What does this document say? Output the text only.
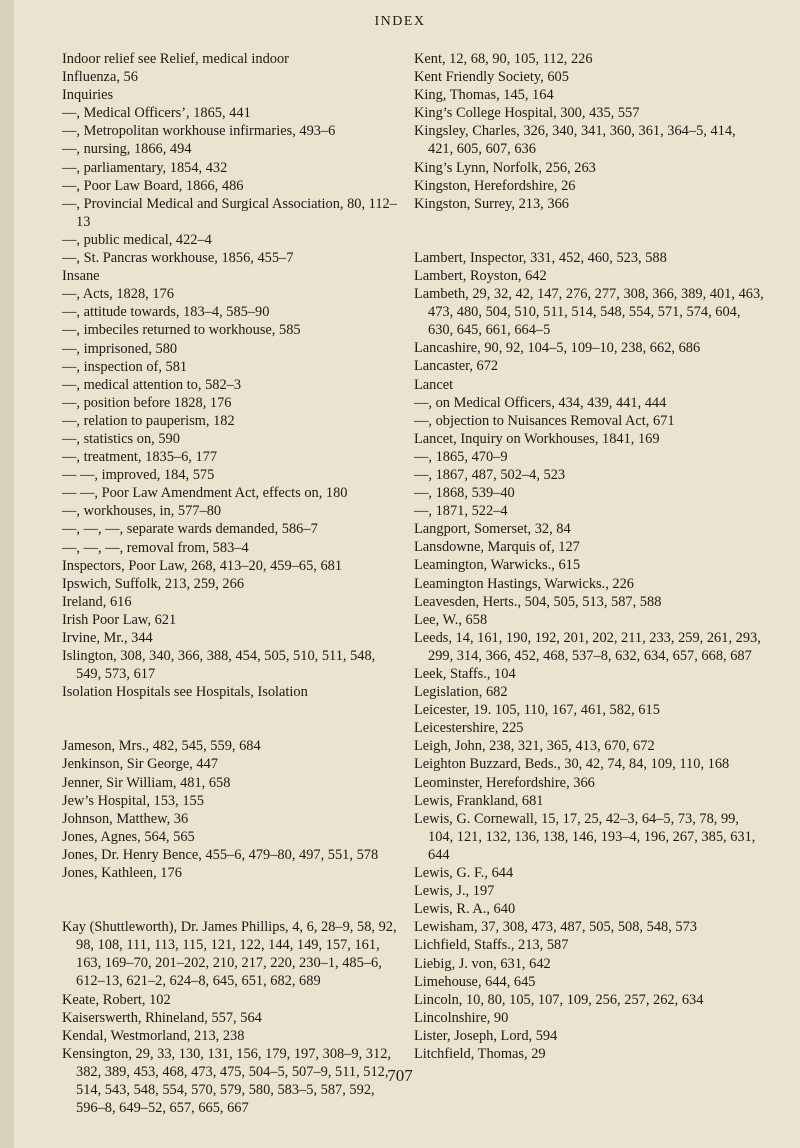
INDEX
Indoor relief see Relief, medical indoor
Influenza, 56
Inquiries
—, Medical Officers’, 1865, 441
—, Metropolitan workhouse infirmaries, 493–6
—, nursing, 1866, 494
—, parliamentary, 1854, 432
—, Poor Law Board, 1866, 486
—, Provincial Medical and Surgical Association, 80, 112–13
—, public medical, 422–4
—, St. Pancras workhouse, 1856, 455–7
Insane
—, Acts, 1828, 176
—, attitude towards, 183–4, 585–90
—, imbeciles returned to workhouse, 585
—, imprisoned, 580
—, inspection of, 581
—, medical attention to, 582–3
—, position before 1828, 176
—, relation to pauperism, 182
—, statistics on, 590
—, treatment, 1835–6, 177
— —, improved, 184, 575
— —, Poor Law Amendment Act, effects on, 180
—, workhouses, in, 577–80
—, —, —, separate wards demanded, 586–7
—, —, —, removal from, 583–4
Inspectors, Poor Law, 268, 413–20, 459–65, 681
Ipswich, Suffolk, 213, 259, 266
Ireland, 616
Irish Poor Law, 621
Irvine, Mr., 344
Islington, 308, 340, 366, 388, 454, 505, 510, 511, 548, 549, 573, 617
Isolation Hospitals see Hospitals, Isolation
Jameson, Mrs., 482, 545, 559, 684
Jenkinson, Sir George, 447
Jenner, Sir William, 481, 658
Jew’s Hospital, 153, 155
Johnson, Matthew, 36
Jones, Agnes, 564, 565
Jones, Dr. Henry Bence, 455–6, 479–80, 497, 551, 578
Jones, Kathleen, 176
Kay (Shuttleworth), Dr. James Phillips, 4, 6, 28–9, 58, 92, 98, 108, 111, 113, 115, 121, 122, 144, 149, 157, 161, 163, 169–70, 201–202, 210, 217, 220, 230–1, 485–6, 612–13, 621–2, 624–8, 645, 651, 682, 689
Keate, Robert, 102
Kaiserswerth, Rhineland, 557, 564
Kendal, Westmorland, 213, 238
Kensington, 29, 33, 130, 131, 156, 179, 197, 308–9, 312, 382, 389, 453, 468, 473, 475, 504–5, 507–9, 511, 512, 514, 543, 548, 554, 570, 579, 580, 583–5, 587, 592, 596–8, 649–52, 657, 665, 667
Kent, 12, 68, 90, 105, 112, 226
Kent Friendly Society, 605
King, Thomas, 145, 164
King’s College Hospital, 300, 435, 557
Kingsley, Charles, 326, 340, 341, 360, 361, 364–5, 414, 421, 605, 607, 636
King’s Lynn, Norfolk, 256, 263
Kingston, Herefordshire, 26
Kingston, Surrey, 213, 366
Lambert, Inspector, 331, 452, 460, 523, 588
Lambert, Royston, 642
Lambeth, 29, 32, 42, 147, 276, 277, 308, 366, 389, 401, 463, 473, 480, 504, 510, 511, 514, 548, 554, 571, 574, 604, 630, 645, 661, 664–5
Lancashire, 90, 92, 104–5, 109–10, 238, 662, 686
Lancaster, 672
Lancet
—, on Medical Officers, 434, 439, 441, 444
—, objection to Nuisances Removal Act, 671
Lancet, Inquiry on Workhouses, 1841, 169
—, 1865, 470–9
—, 1867, 487, 502–4, 523
—, 1868, 539–40
—, 1871, 522–4
Langport, Somerset, 32, 84
Lansdowne, Marquis of, 127
Leamington, Warwicks., 615
Leamington Hastings, Warwicks., 226
Leavesden, Herts., 504, 505, 513, 587, 588
Lee, W., 658
Leeds, 14, 161, 190, 192, 201, 202, 211, 233, 259, 261, 293, 299, 314, 366, 452, 468, 537–8, 632, 634, 657, 668, 687
Leek, Staffs., 104
Legislation, 682
Leicester, 19. 105, 110, 167, 461, 582, 615
Leicestershire, 225
Leigh, John, 238, 321, 365, 413, 670, 672
Leighton Buzzard, Beds., 30, 42, 74, 84, 109, 110, 168
Leominster, Herefordshire, 366
Lewis, Frankland, 681
Lewis, G. Cornewall, 15, 17, 25, 42–3, 64–5, 73, 78, 99, 104, 121, 132, 136, 138, 146, 193–4, 196, 267, 385, 631, 644
Lewis, G. F., 644
Lewis, J., 197
Lewis, R. A., 640
Lewisham, 37, 308, 473, 487, 505, 508, 548, 573
Lichfield, Staffs., 213, 587
Liebig, J. von, 631, 642
Limehouse, 644, 645
Lincoln, 10, 80, 105, 107, 109, 256, 257, 262, 634
Lincolnshire, 90
Lister, Joseph, Lord, 594
Litchfield, Thomas, 29
707
